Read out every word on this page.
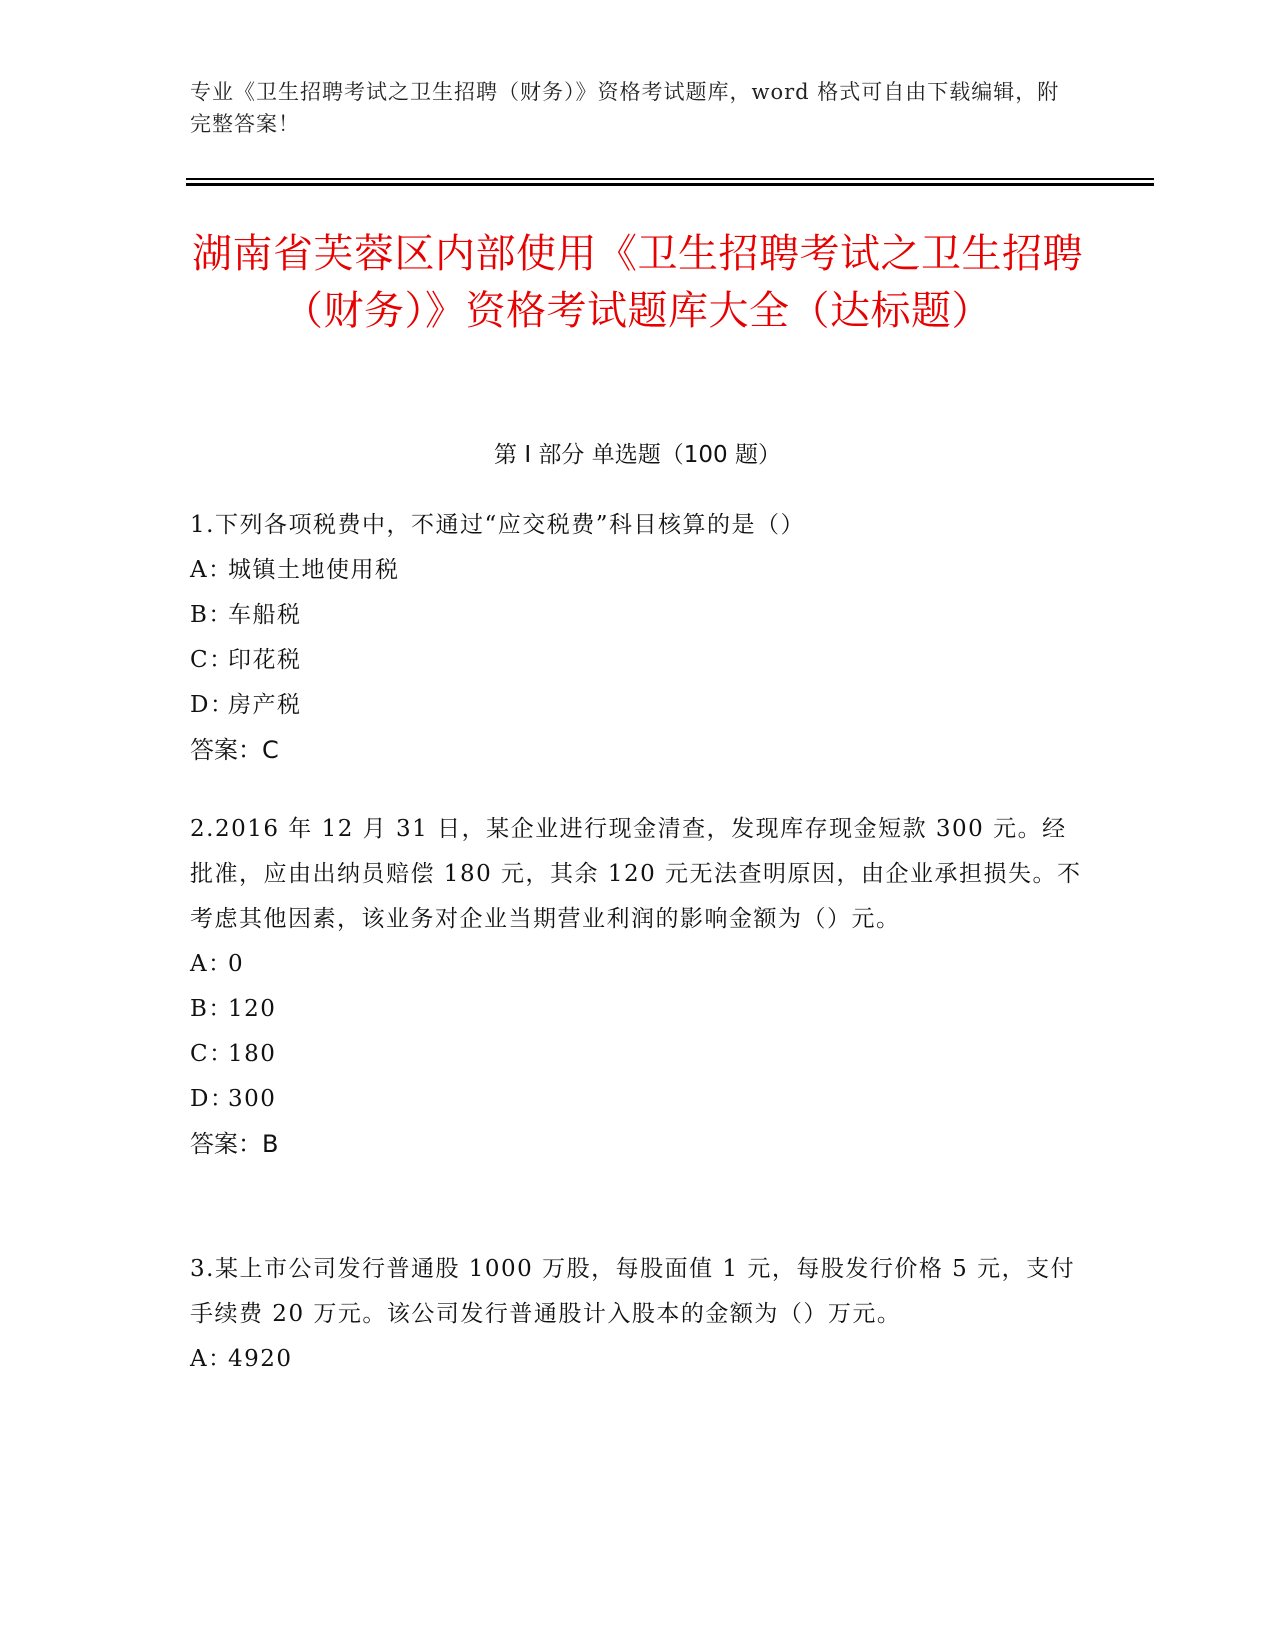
专业《卫生招聘考试之卫生招聘（财务）》资格考试题库，word 格式可自由下载编辑，附完整答案！
湖南省芙蓉区内部使用《卫生招聘考试之卫生招聘（财务）》资格考试题库大全（达标题）
第 I 部分 单选题（100 题）

1.下列各项税费中，不通过“应交税费”科目核算的是（）

A：
城镇土地使用税
B：
车船税
C：
印花税
D：
房产税
答案：C

2.2016 年 12 月 31 日，某企业进行现金清查，发现库存现金短款 300 元。经批准，应由出纳员赔偿 180 元，其余 120 元无法查明原因，由企业承担损失。不考虑其他因素，该业务对企业当期营业利润的影响金额为（）元。

A：
0
B：
120
C：
180
D：
300
答案：B

3.某上市公司发行普通股 1000 万股，每股面值 1 元，每股发行价格 5 元，支付手续费 20 万元。该公司发行普通股计入股本的金额为（）万元。

A：
4920
